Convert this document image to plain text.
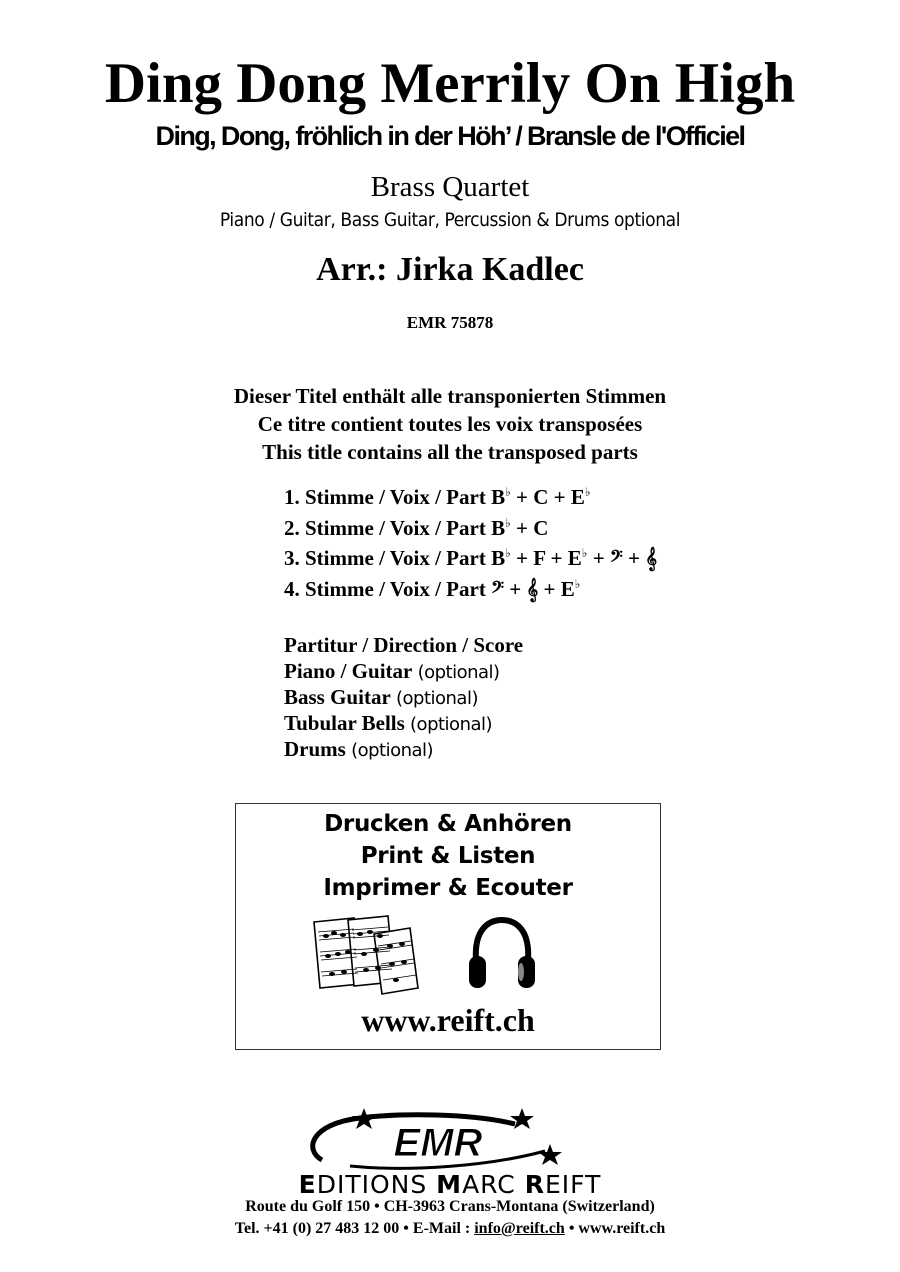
Ding Dong Merrily On High
Ding, Dong, fröhlich in der Höh’ / Bransle de l'Officiel
Brass Quartet
Piano / Guitar, Bass Guitar, Percussion & Drums optional
Arr.: Jirka Kadlec
EMR 75878
Dieser Titel enthält alle transponierten Stimmen
Ce titre contient toutes les voix transposées
This title contains all the transposed parts
1. Stimme / Voix / Part B♭ + C + E♭
2. Stimme / Voix / Part B♭ + C
3. Stimme / Voix / Part B♭ + F + E♭ + 𝄢 + 𝄞
4. Stimme / Voix / Part 𝄢 + 𝄞 + E♭
Partitur / Direction / Score
Piano / Guitar (optional)
Bass Guitar (optional)
Tubular Bells (optional)
Drums (optional)
Drucken & Anhören
Print & Listen
Imprimer & Ecouter
www.reift.ch
EMR
EDITIONS MARC REIFT
Route du Golf 150 • CH-3963 Crans-Montana (Switzerland)
Tel. +41 (0) 27 483 12 00 • E-Mail : info@reift.ch • www.reift.ch
